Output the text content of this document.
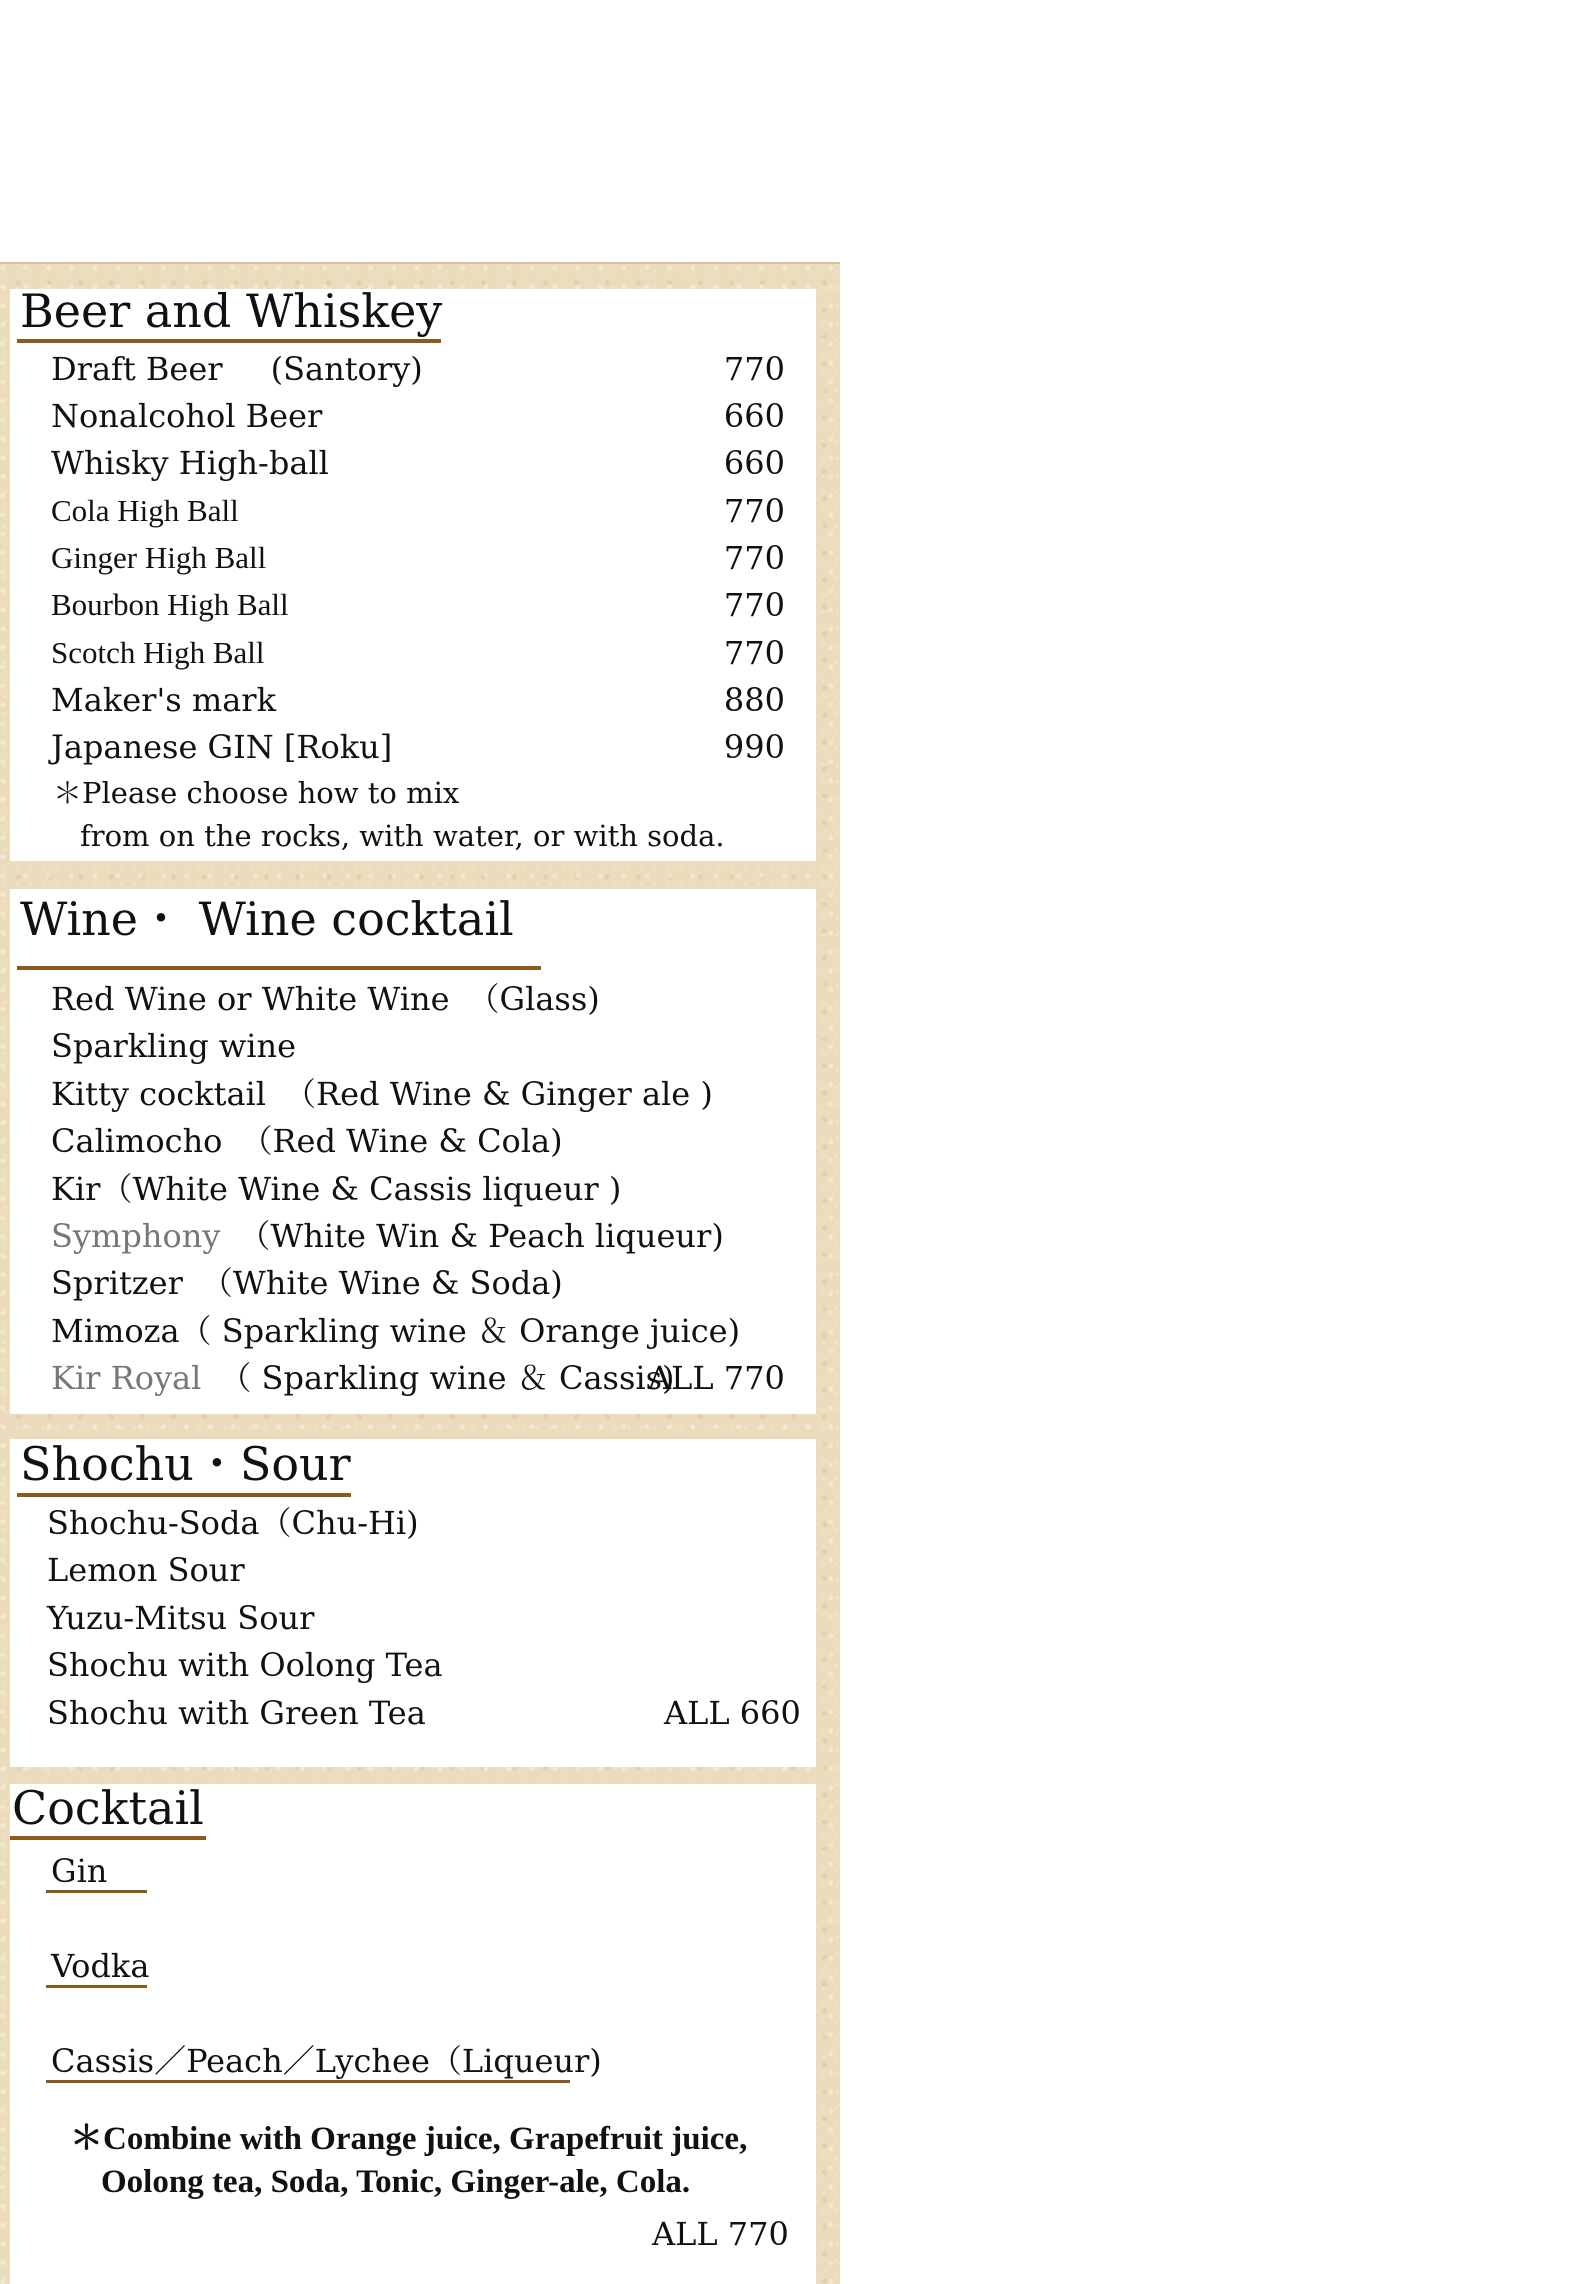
Beer and Whiskey
Draft Beer (Santory)	770
Nonalcohol Beer	660
Whisky High-ball	660
Cola High Ball	770
Ginger High Ball	770
Bourbon High Ball	770
Scotch High Ball	770
Maker's mark	880
Japanese GIN [Roku]	990
＊Please choose how to mix
from on the rocks, with water, or with soda.
Wine・ Wine cocktail
Red Wine or White Wine （Glass)
Sparkling wine
Kitty cocktail （Red Wine & Ginger ale )
Calimocho （Red Wine & Cola)
Kir（White Wine & Cassis liqueur )
Symphony （White Win & Peach liqueur)
Spritzer （White Wine & Soda)
Mimoza（ Sparkling wine ＆ Orange juice)
Kir Royal （ Sparkling wine ＆ Cassis)
ALL 770
Shochu・Sour
Shochu-Soda（Chu-Hi)
Lemon Sour
Yuzu-Mitsu Sour
Shochu with Oolong Tea
Shochu with Green Tea	ALL 660
Cocktail
Gin
Vodka
Cassis／Peach／Lychee（Liqueur)
＊Combine with Orange juice, Grapefruit juice,
Oolong tea, Soda, Tonic, Ginger-ale, Cola.
ALL 770
